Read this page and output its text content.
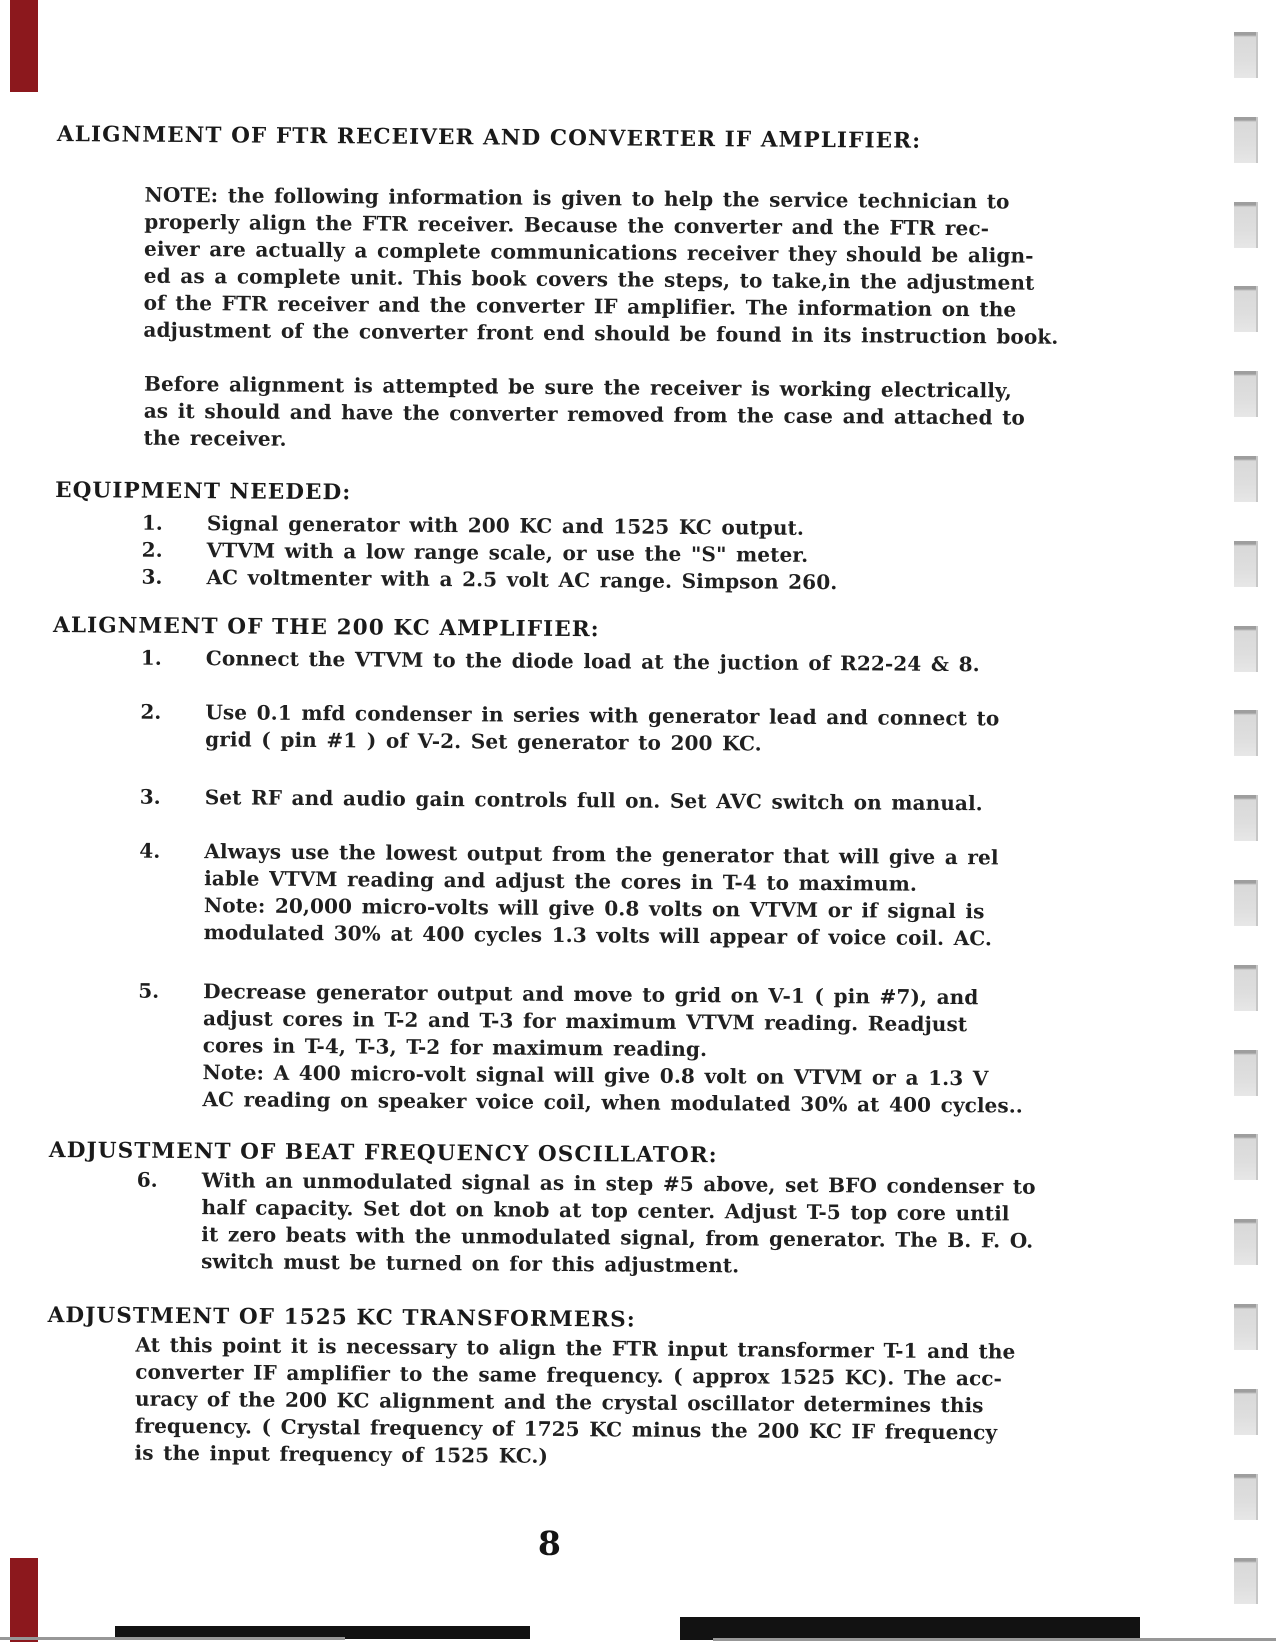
ALIGNMENT OF FTR RECEIVER AND CONVERTER IF AMPLIFIER:
NOTE: the following information is given to help the service technician to
properly align the FTR receiver. Because the converter and the FTR rec-
eiver are actually a complete communications receiver they should be align-
ed as a complete unit. This book covers the steps, to take,in the adjustment
of the FTR receiver and the converter IF amplifier. The information on the
adjustment of the converter front end should be found in its instruction book.
Before alignment is attempted be sure the receiver is working electrically,
as it should and have the converter removed from the case and attached to
the receiver.
EQUIPMENT NEEDED:
1.	Signal generator with 200 KC and 1525 KC output.
2.	VTVM with a low range scale, or use the "S" meter.
3.	AC voltmenter with a 2.5 volt AC range. Simpson 260.
ALIGNMENT OF THE 200 KC AMPLIFIER:
1.	Connect the VTVM to the diode load at the juction of R22-24 & 8.
2.	Use 0.1 mfd condenser in series with generator lead and connect to
grid ( pin #1 ) of V-2. Set generator to 200 KC.
3.	Set RF and audio gain controls full on. Set AVC switch on manual.
4.	Always use the lowest output from the generator that will give a rel
iable VTVM reading and adjust the cores in T-4 to maximum.
Note: 20,000 micro-volts will give 0.8 volts on VTVM or if signal is
modulated 30% at 400 cycles 1.3 volts will appear of voice coil. AC.
5.	Decrease generator output and move to grid on V-1 ( pin #7), and
adjust cores in T-2 and T-3 for maximum VTVM reading. Readjust
cores in T-4, T-3, T-2 for maximum reading.
Note: A 400 micro-volt signal will give 0.8 volt on VTVM or a 1.3 V
AC reading on speaker voice coil, when modulated 30% at 400 cycles..
ADJUSTMENT OF BEAT FREQUENCY OSCILLATOR:
6.	With an unmodulated signal as in step #5 above, set BFO condenser to
half capacity. Set dot on knob at top center. Adjust T-5 top core until
it zero beats with the unmodulated signal, from generator. The B. F. O.
switch must be turned on for this adjustment.
ADJUSTMENT OF 1525 KC TRANSFORMERS:
At this point it is necessary to align the FTR input transformer T-1 and the
converter IF amplifier to the same frequency. ( approx 1525 KC). The acc-
uracy of the 200 KC alignment and the crystal oscillator determines this
frequency. ( Crystal frequency of 1725 KC minus the 200 KC IF frequency
is the input frequency of 1525 KC.)
8
